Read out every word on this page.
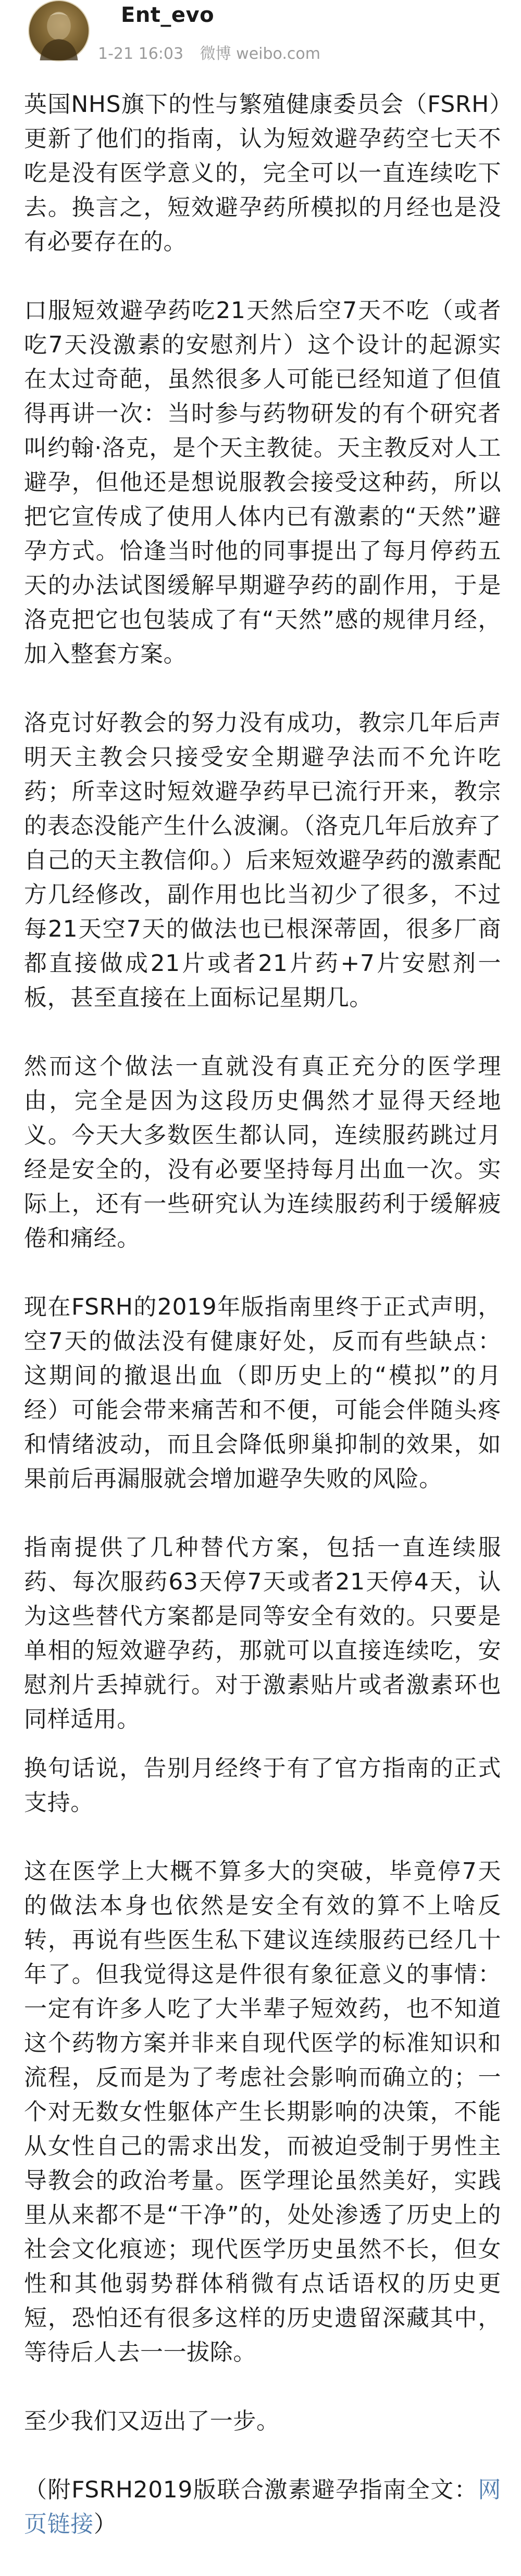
Ent_evo
1-21 16:03 微博 weibo.com

英国NHS旗下的性与繁殖健康委员会（FSRH）更新了他们的指南，认为短效避孕药空七天不吃是没有医学意义的，完全可以一直连续吃下去。换言之，短效避孕药所模拟的月经也是没有必要存在的。

口服短效避孕药吃21天然后空7天不吃（或者吃7天没激素的安慰剂片）这个设计的起源实在太过奇葩，虽然很多人可能已经知道了但值得再讲一次：当时参与药物研发的有个研究者叫约翰·洛克，是个天主教徒。天主教反对人工避孕，但他还是想说服教会接受这种药，所以把它宣传成了使用人体内已有激素的“天然”避孕方式。恰逢当时他的同事提出了每月停药五天的办法试图缓解早期避孕药的副作用，于是洛克把它也包装成了有“天然”感的规律月经，加入整套方案。

洛克讨好教会的努力没有成功，教宗几年后声明天主教会只接受安全期避孕法而不允许吃药；所幸这时短效避孕药早已流行开来，教宗的表态没能产生什么波澜。（洛克几年后放弃了自己的天主教信仰。）后来短效避孕药的激素配方几经修改，副作用也比当初少了很多，不过每21天空7天的做法也已根深蒂固，很多厂商都直接做成21片或者21片药+7片安慰剂一板，甚至直接在上面标记星期几。

然而这个做法一直就没有真正充分的医学理由，完全是因为这段历史偶然才显得天经地义。今天大多数医生都认同，连续服药跳过月经是安全的，没有必要坚持每月出血一次。实际上，还有一些研究认为连续服药利于缓解疲倦和痛经。

现在FSRH的2019年版指南里终于正式声明，空7天的做法没有健康好处，反而有些缺点：这期间的撤退出血（即历史上的“模拟”的月经）可能会带来痛苦和不便，可能会伴随头疼和情绪波动，而且会降低卵巢抑制的效果，如果前后再漏服就会增加避孕失败的风险。

指南提供了几种替代方案，包括一直连续服药、每次服药63天停7天或者21天停4天，认为这些替代方案都是同等安全有效的。只要是单相的短效避孕药，那就可以直接连续吃，安慰剂片丢掉就行。对于激素贴片或者激素环也同样适用。

换句话说，告别月经终于有了官方指南的正式支持。

这在医学上大概不算多大的突破，毕竟停7天的做法本身也依然是安全有效的算不上啥反转，再说有些医生私下建议连续服药已经几十年了。但我觉得这是件很有象征意义的事情：一定有许多人吃了大半辈子短效药，也不知道这个药物方案并非来自现代医学的标准知识和流程，反而是为了考虑社会影响而确立的；一个对无数女性躯体产生长期影响的决策，不能从女性自己的需求出发，而被迫受制于男性主导教会的政治考量。医学理论虽然美好，实践里从来都不是“干净”的，处处渗透了历史上的社会文化痕迹；现代医学历史虽然不长，但女性和其他弱势群体稍微有点话语权的历史更短，恐怕还有很多这样的历史遗留深藏其中，等待后人去一一拔除。

至少我们又迈出了一步。

（附FSRH2019版联合激素避孕指南全文：网页链接）
